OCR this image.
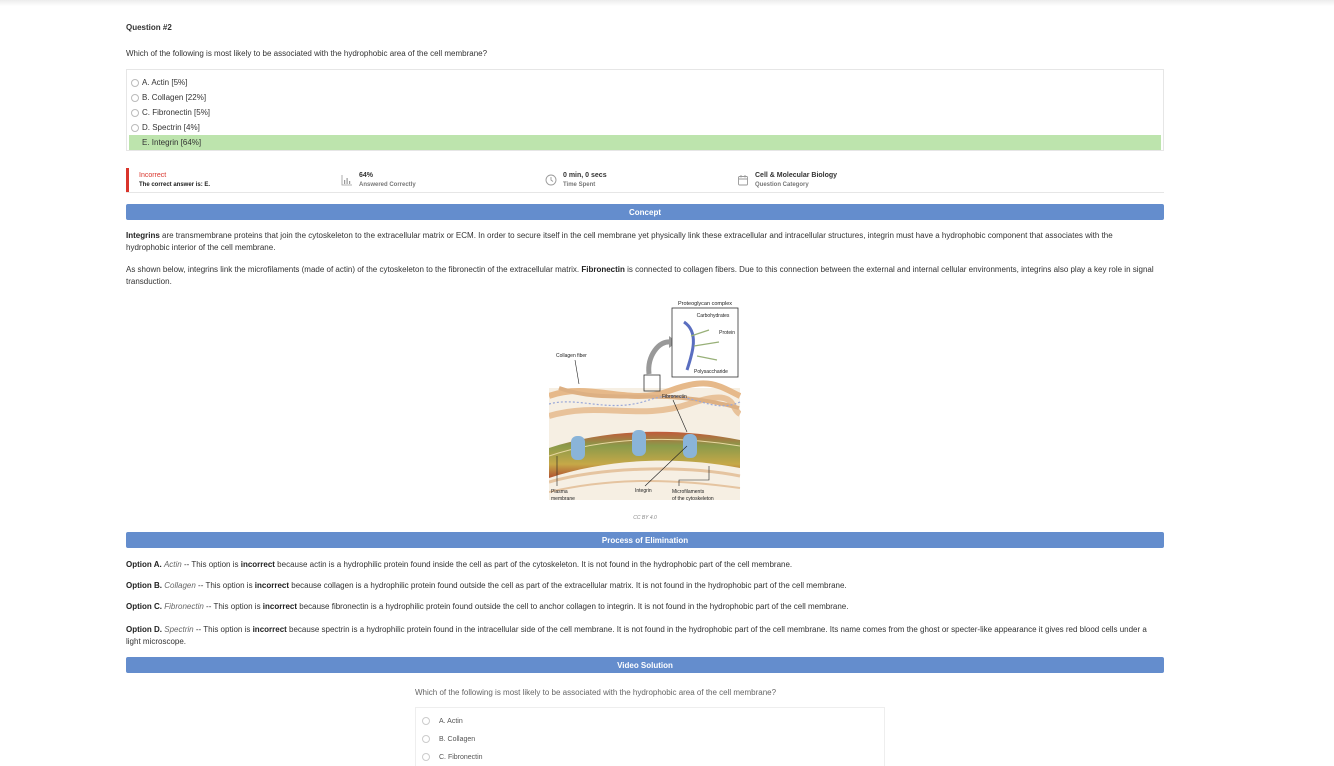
Question #2
Which of the following is most likely to be associated with the hydrophobic area of the cell membrane?
A. Actin [5%]
B. Collagen [22%]
C. Fibronectin [5%]
D. Spectrin [4%]
E. Integrin [64%]
Incorrect
The correct answer is: E.
64%
Answered Correctly
0 min, 0 secs
Time Spent
Cell & Molecular Biology
Question Category
Concept
Integrins are transmembrane proteins that join the cytoskeleton to the extracellular matrix or ECM. In order to secure itself in the cell membrane yet physically link these extracellular and intracellular structures, integrin must have a hydrophobic component that associates with the hydrophobic interior of the cell membrane.
As shown below, integrins link the microfilaments (made of actin) of the cytoskeleton to the fibronectin of the extracellular matrix. Fibronectin is connected to collagen fibers. Due to this connection between the external and internal cellular environments, integrins also play a key role in signal transduction.
CC BY 4.0
Process of Elimination
Option A. Actin -- This option is incorrect because actin is a hydrophilic protein found inside the cell as part of the cytoskeleton. It is not found in the hydrophobic part of the cell membrane.
Option B. Collagen -- This option is incorrect because collagen is a hydrophilic protein found outside the cell as part of the extracellular matrix. It is not found in the hydrophobic part of the cell membrane.
Option C. Fibronectin -- This option is incorrect because fibronectin is a hydrophilic protein found outside the cell to anchor collagen to integrin. It is not found in the hydrophobic part of the cell membrane.
Option D. Spectrin -- This option is incorrect because spectrin is a hydrophilic protein found in the intracellular side of the cell membrane. It is not found in the hydrophobic part of the cell membrane. Its name comes from the ghost or specter-like appearance it gives red blood cells under a light microscope.
Video Solution
Which of the following is most likely to be associated with the hydrophobic area of the cell membrane?
A. Actin
B. Collagen
C. Fibronectin
Proteoglycan complex
Carbohydrates
Protein
Polysaccharide
Collagen fiber
Fibronectin
Plasma
membrane
Integrin	Microfilaments
of the cytoskeleton
